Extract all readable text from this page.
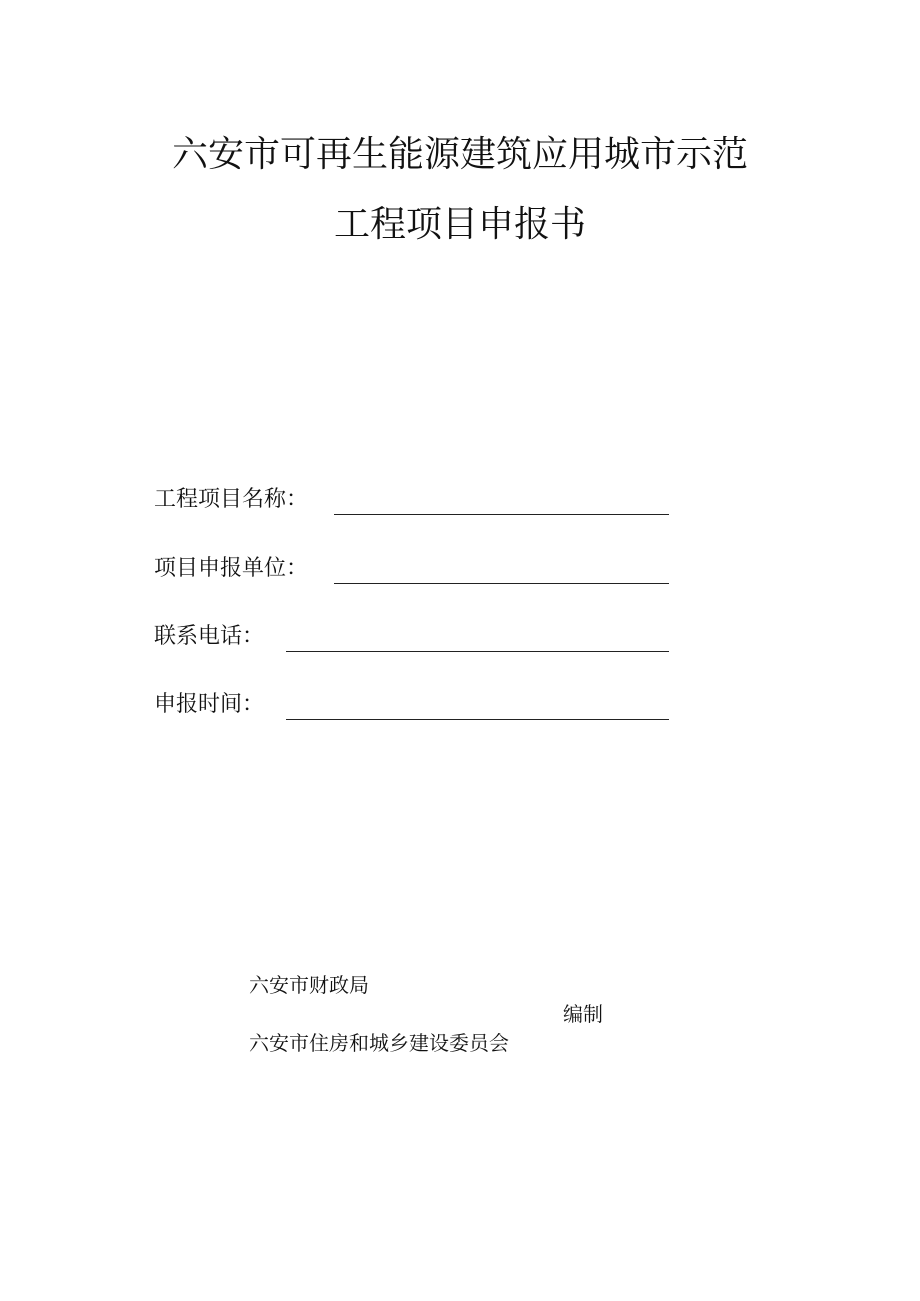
六安市可再生能源建筑应用城市示范
工程项目申报书
工程项目名称：
项目申报单位：
联系电话：
申报时间：
六安市财政局
编制
六安市住房和城乡建设委员会
